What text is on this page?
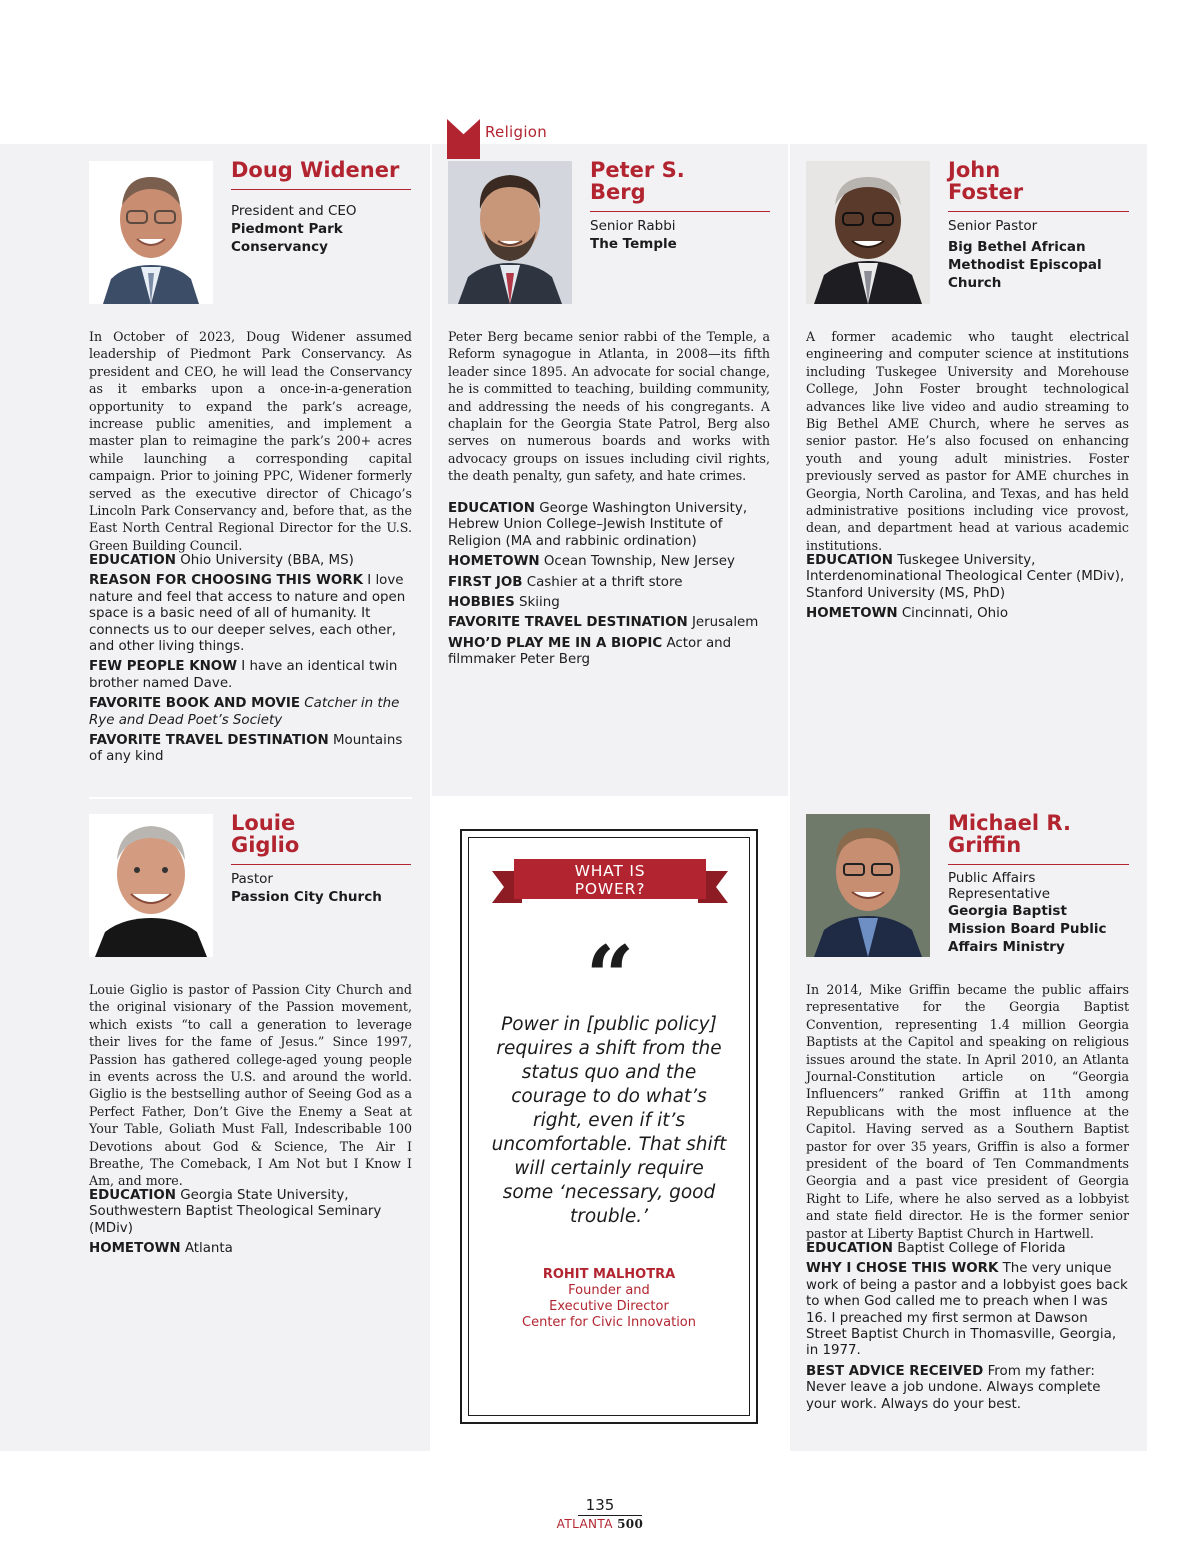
Religion
Doug Widener
President and CEO
Piedmont Park Conservancy

In October of 2023, Doug Widener assumed leadership of Piedmont Park Conservancy. As president and CEO, he will lead the Conservancy as it embarks upon a once-in-a-generation opportunity to expand the park’s acreage, increase public amenities, and implement a master plan to reimagine the park’s 200+ acres while launching a corresponding capital campaign. Prior to joining PPC, Widener formerly served as the executive director of Chicago’s Lincoln Park Conservancy and, before that, as the East North Central Regional Director for the U.S. Green Building Council.

EDUCATION Ohio University (BBA, MS)

REASON FOR CHOOSING THIS WORK I love nature and feel that access to nature and open space is a basic need of all of humanity. It connects us to our deeper selves, each other, and other living things.

FEW PEOPLE KNOW I have an identical twin brother named Dave.

FAVORITE BOOK AND MOVIE Catcher in the Rye and Dead Poet’s Society

FAVORITE TRAVEL DESTINATION Mountains of any kind

Peter S.
Berg
Senior Rabbi
The Temple

Peter Berg became senior rabbi of the Temple, a Reform synagogue in Atlanta, in 2008—its fifth leader since 1895. An advocate for social change, he is committed to teaching, building community, and addressing the needs of his congregants. A chaplain for the Georgia State Patrol, Berg also serves on numerous boards and works with advocacy groups on issues including civil rights, the death penalty, gun safety, and hate crimes.

EDUCATION George Washington University, Hebrew Union College–Jewish Institute of Religion (MA and rabbinic ordination)

HOMETOWN Ocean Township, New Jersey

FIRST JOB Cashier at a thrift store

HOBBIES Skiing

FAVORITE TRAVEL DESTINATION Jerusalem

WHO’D PLAY ME IN A BIOPIC Actor and filmmaker Peter Berg

John
Foster
Senior Pastor
Big Bethel African Methodist Episcopal Church

A former academic who taught electrical engineering and computer science at institutions including Tuskegee University and Morehouse College, John Foster brought technological advances like live video and audio streaming to Big Bethel AME Church, where he serves as senior pastor. He’s also focused on enhancing youth and young adult ministries. Foster previously served as pastor for AME churches in Georgia, North Carolina, and Texas, and has held administrative positions including vice provost, dean, and department head at various academic institutions.

EDUCATION Tuskegee University, Interdenominational Theological Center (MDiv), Stanford University (MS, PhD)

HOMETOWN Cincinnati, Ohio

Louie
Giglio
Pastor
Passion City Church

Louie Giglio is pastor of Passion City Church and the original visionary of the Passion movement, which exists “to call a generation to leverage their lives for the fame of Jesus.” Since 1997, Passion has gathered college-aged young people in events across the U.S. and around the world. Giglio is the bestselling author of Seeing God as a Perfect Father, Don’t Give the Enemy a Seat at Your Table, Goliath Must Fall, Indescribable 100 Devotions about God & Science, The Air I Breathe, The Comeback, I Am Not but I Know I Am, and more.

EDUCATION Georgia State University, Southwestern Baptist Theological Seminary (MDiv)

HOMETOWN Atlanta

WHAT IS
POWER?
“
Power in [public policy] requires a shift from the status quo and the courage to do what’s right, even if it’s uncomfortable. That shift will certainly require some ‘necessary, good trouble.’
ROHIT MALHOTRA
Founder and
Executive Director
Center for Civic Innovation
Michael R.
Griffin
Public Affairs Representative
Georgia Baptist Mission Board Public Affairs Ministry

In 2014, Mike Griffin became the public affairs representative for the Georgia Baptist Convention, representing 1.4 million Georgia Baptists at the Capitol and speaking on religious issues around the state. In April 2010, an Atlanta Journal-Constitution article on “Georgia Influencers” ranked Griffin at 11th among Republicans with the most influence at the Capitol. Having served as a Southern Baptist pastor for over 35 years, Griffin is also a former president of the board of Ten Commandments Georgia and a past vice president of Georgia Right to Life, where he also served as a lobbyist and state field director. He is the former senior pastor at Liberty Baptist Church in Hartwell.

EDUCATION Baptist College of Florida

WHY I CHOSE THIS WORK The very unique work of being a pastor and a lobbyist goes back to when God called me to preach when I was 16. I preached my first sermon at Dawson Street Baptist Church in Thomasville, Georgia, in 1977.

BEST ADVICE RECEIVED From my father: Never leave a job undone. Always complete your work. Always do your best.

135
ATLANTA 500
